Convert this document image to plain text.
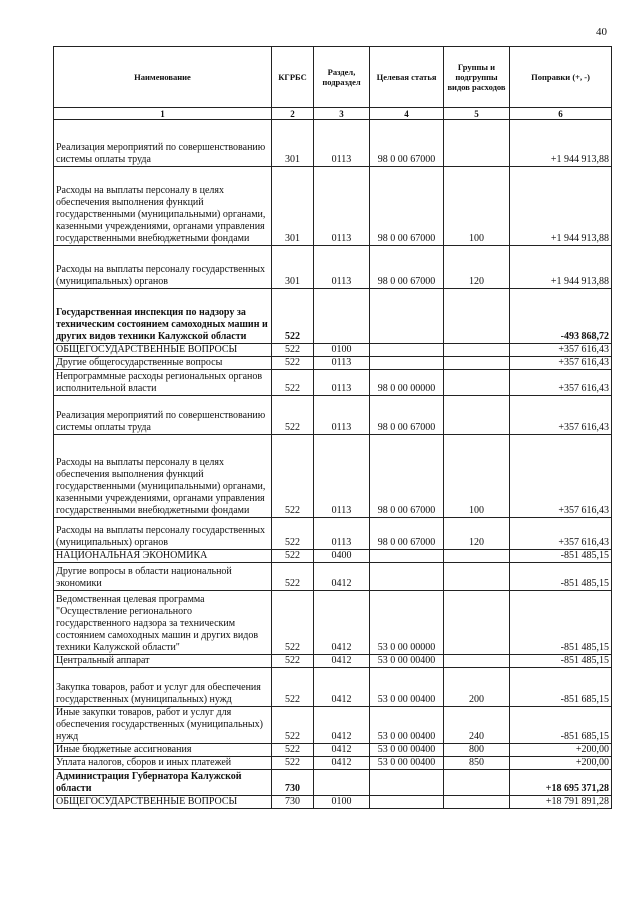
40
Наименование	КГРБС	Раздел, подраздел	Целевая статья	Группы и подгруппы видов расходов	Поправки (+, -)
1	2	3	4	5	6
Реализация мероприятий по совершенствованию системы оплаты труда	301	0113	98 0 00 67000		+1 944 913,88
Расходы на выплаты персоналу в целях обеспечения выполнения функций государственными (муниципальными) органами, казенными учреждениями, органами управления государственными внебюджетными фондами	301	0113	98 0 00 67000	100	+1 944 913,88
Расходы на выплаты персоналу государственных (муниципальных) органов	301	0113	98 0 00 67000	120	+1 944 913,88
Государственная инспекция по надзору за техническим состоянием самоходных машин и других видов техники Калужской области	522				-493 868,72
ОБЩЕГОСУДАРСТВЕННЫЕ ВОПРОСЫ	522	0100			+357 616,43
Другие общегосударственные вопросы	522	0113			+357 616,43
Непрограммные расходы региональных органов исполнительной власти	522	0113	98 0 00 00000		+357 616,43
Реализация мероприятий по совершенствованию системы оплаты труда	522	0113	98 0 00 67000		+357 616,43
Расходы на выплаты персоналу в целях обеспечения выполнения функций государственными (муниципальными) органами, казенными учреждениями, органами управления государственными внебюджетными фондами	522	0113	98 0 00 67000	100	+357 616,43
Расходы на выплаты персоналу государственных (муниципальных) органов	522	0113	98 0 00 67000	120	+357 616,43
НАЦИОНАЛЬНАЯ ЭКОНОМИКА	522	0400			-851 485,15
Другие вопросы в области национальной экономики	522	0412			-851 485,15
Ведомственная целевая программа "Осуществление регионального государственного надзора за техническим состоянием самоходных машин и других видов техники Калужской области"	522	0412	53 0 00 00000		-851 485,15
Центральный аппарат	522	0412	53 0 00 00400		-851 485,15
Закупка товаров, работ и услуг для обеспечения государственных (муниципальных) нужд	522	0412	53 0 00 00400	200	-851 685,15
Иные закупки товаров, работ и услуг для обеспечения государственных (муниципальных) нужд	522	0412	53 0 00 00400	240	-851 685,15
Иные бюджетные ассигнования	522	0412	53 0 00 00400	800	+200,00
Уплата налогов, сборов и иных платежей	522	0412	53 0 00 00400	850	+200,00
Администрация Губернатора Калужской области	730				+18 695 371,28
ОБЩЕГОСУДАРСТВЕННЫЕ ВОПРОСЫ	730	0100			+18 791 891,28
